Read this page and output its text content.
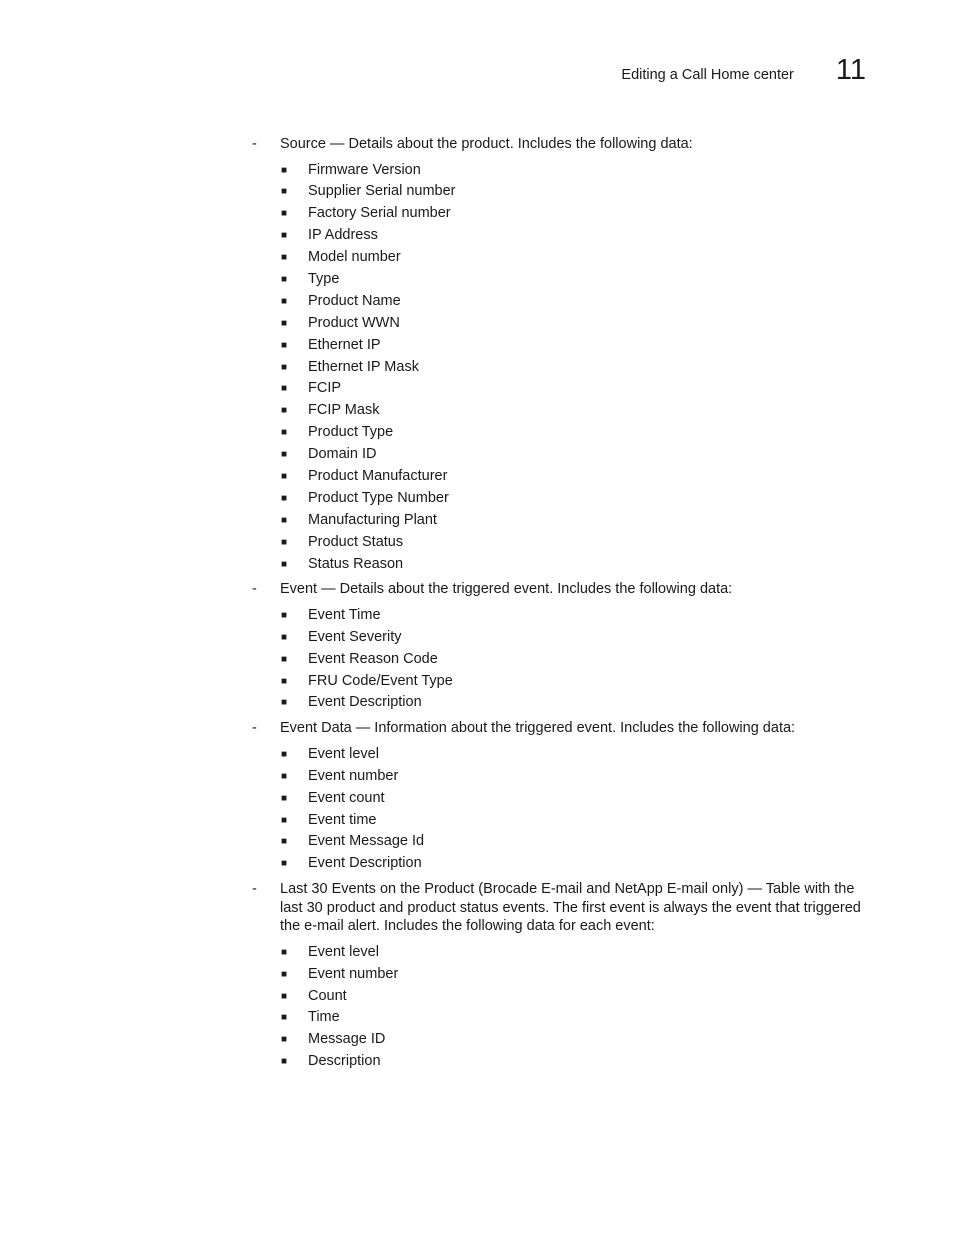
Editing a Call Home center 11
- Source — Details about the product. Includes the following data:

■ Firmware Version
■ Supplier Serial number
■ Factory Serial number
■ IP Address
■ Model number
■ Type
■ Product Name
■ Product WWN
■ Ethernet IP
■ Ethernet IP Mask
■ FCIP
■ FCIP Mask
■ Product Type
■ Domain ID
■ Product Manufacturer
■ Product Type Number
■ Manufacturing Plant
■ Product Status
■ Status Reason
- Event — Details about the triggered event. Includes the following data:

■ Event Time
■ Event Severity
■ Event Reason Code
■ FRU Code/Event Type
■ Event Description
- Event Data — Information about the triggered event. Includes the following data:

■ Event level
■ Event number
■ Event count
■ Event time
■ Event Message Id
■ Event Description
- Last 30 Events on the Product (Brocade E-mail and NetApp E-mail only) — Table with the last 30 product and product status events. The first event is always the event that triggered the e-mail alert. Includes the following data for each event:

■ Event level
■ Event number
■ Count
■ Time
■ Message ID
■ Description
